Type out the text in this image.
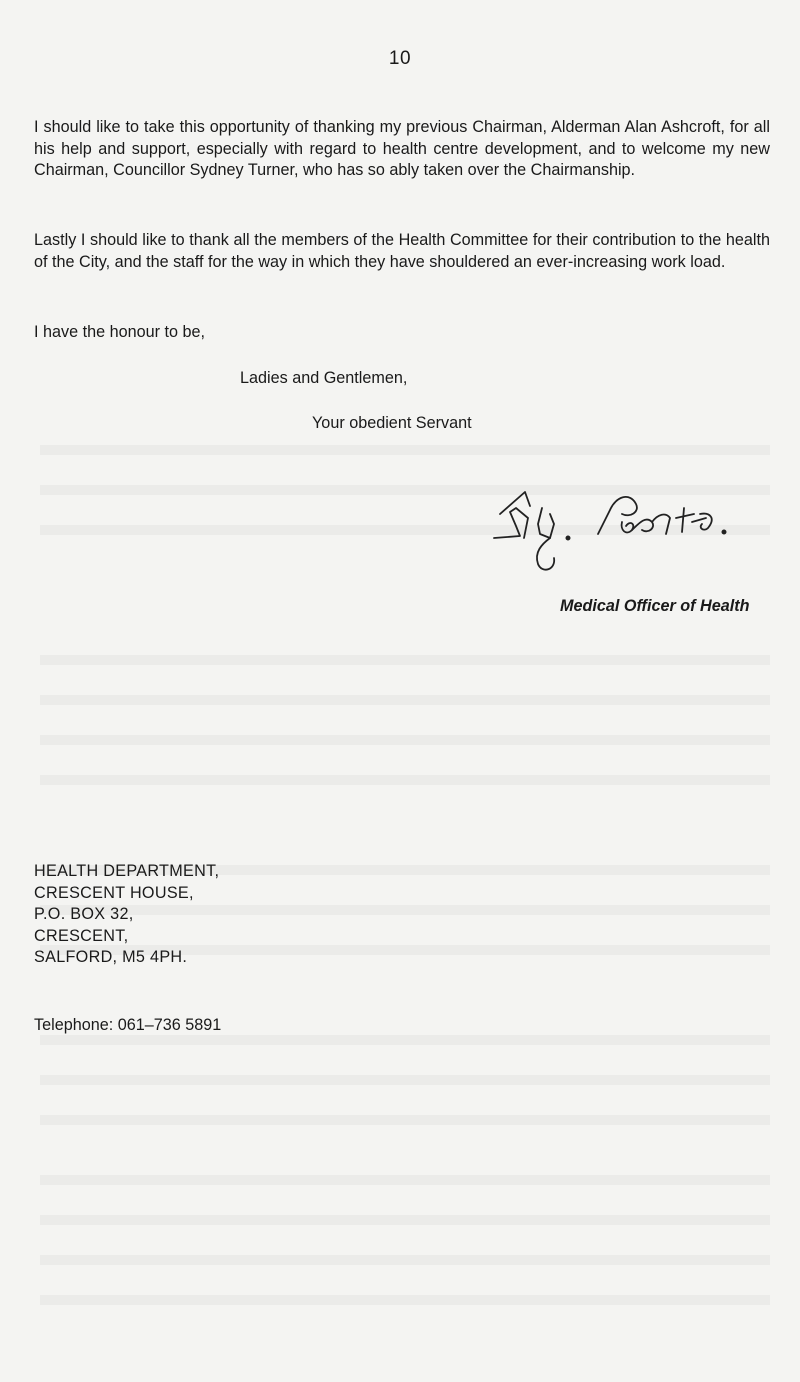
10
I should like to take this opportunity of thanking my previous Chairman, Alderman Alan Ashcroft, for all his help and support, especially with regard to health centre development, and to welcome my new Chairman, Councillor Sydney Turner, who has so ably taken over the Chairmanship.
Lastly I should like to thank all the members of the Health Committee for their contribution to the health of the City, and the staff for the way in which they have shouldered an ever-increasing work load.
I have the honour to be,
Ladies and Gentlemen,
Your obedient Servant
Medical Officer of Health
HEALTH DEPARTMENT,
CRESCENT HOUSE,
P.O. BOX 32,
CRESCENT,
SALFORD, M5 4PH.
Telephone: 061–736 5891
